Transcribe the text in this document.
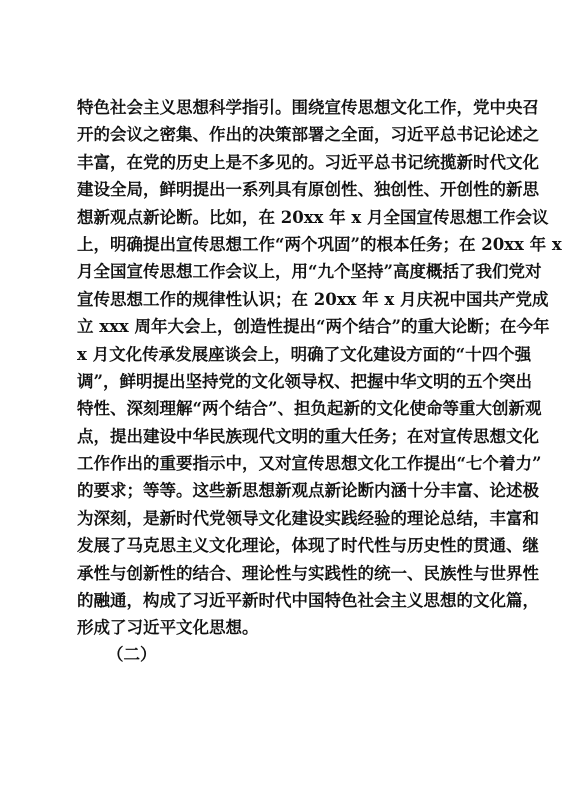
特色社会主义思想科学指引。围绕宣传思想文化工作，党中央召
开的会议之密集、作出的决策部署之全面，习近平总书记论述之
丰富，在党的历史上是不多见的。习近平总书记统揽新时代文化
建设全局，鲜明提出一系列具有原创性、独创性、开创性的新思
想新观点新论断。比如，在 20xx 年 x 月全国宣传思想工作会议
上，明确提出宣传思想工作“两个巩固”的根本任务；在 20xx 年 x
月全国宣传思想工作会议上，用“九个坚持”高度概括了我们党对
宣传思想工作的规律性认识；在 20xx 年 x 月庆祝中国共产党成
立 xxx 周年大会上，创造性提出“两个结合”的重大论断；在今年
x 月文化传承发展座谈会上，明确了文化建设方面的“十四个强
调”，鲜明提出坚持党的文化领导权、把握中华文明的五个突出
特性、深刻理解“两个结合”、担负起新的文化使命等重大创新观
点，提出建设中华民族现代文明的重大任务；在对宣传思想文化
工作作出的重要指示中，又对宣传思想文化工作提出“七个着力”
的要求；等等。这些新思想新观点新论断内涵十分丰富、论述极
为深刻，是新时代党领导文化建设实践经验的理论总结，丰富和
发展了马克思主义文化理论，体现了时代性与历史性的贯通、继
承性与创新性的结合、理论性与实践性的统一、民族性与世界性
的融通，构成了习近平新时代中国特色社会主义思想的文化篇，
形成了习近平文化思想。
（二）
